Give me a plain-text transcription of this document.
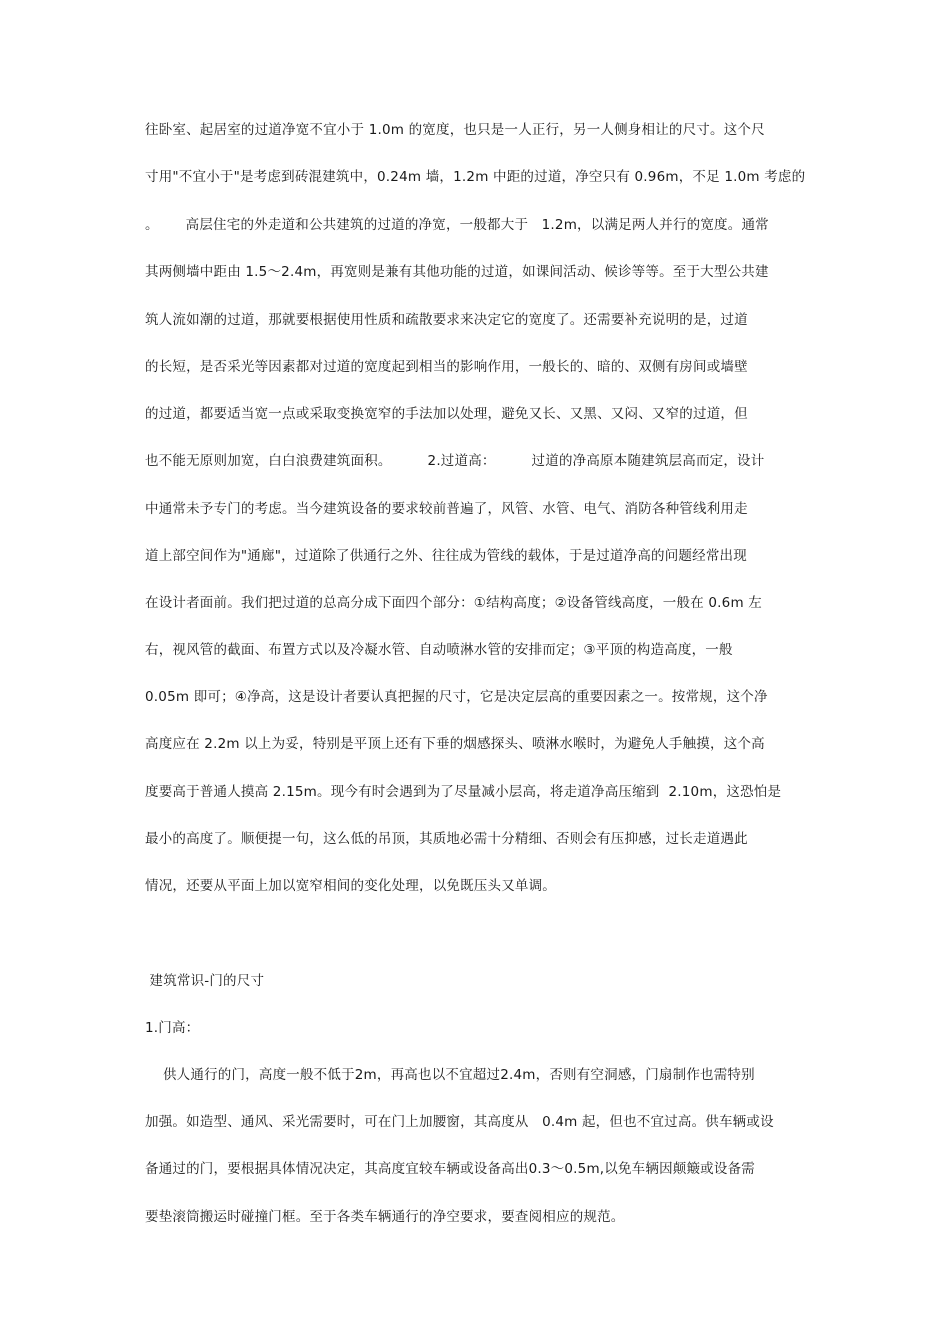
往卧室、起居室的过道净宽不宜小于 1.0m 的宽度，也只是一人正行，另一人侧身相让的尺寸。这个尺
寸用"不宜小于"是考虑到砖混建筑中，0.24m 墙，1.2m 中距的过道，净空只有 0.96m，不足 1.0m 考虑的
。      高层住宅的外走道和公共建筑的过道的净宽，一般都大于   1.2m，以满足两人并行的宽度。通常
其两侧墙中距由 1.5～2.4m，再宽则是兼有其他功能的过道，如课间活动、候诊等等。至于大型公共建
筑人流如潮的过道，那就要根据使用性质和疏散要求来决定它的宽度了。还需要补充说明的是，过道
的长短，是否采光等因素都对过道的宽度起到相当的影响作用，一般长的、暗的、双侧有房间或墙壁
的过道，都要适当宽一点或采取变换宽窄的手法加以处理，避免又长、又黑、又闷、又窄的过道，但
也不能无原则加宽，白白浪费建筑面积。        2.过道高：        过道的净高原本随建筑层高而定，设计
中通常未予专门的考虑。当今建筑设备的要求较前普遍了，风管、水管、电气、消防各种管线利用走
道上部空间作为"通廊"，过道除了供通行之外、往往成为管线的载体，于是过道净高的问题经常出现
在设计者面前。我们把过道的总高分成下面四个部分：①结构高度；②设备管线高度，一般在 0.6m 左
右，视风管的截面、布置方式以及冷凝水管、自动喷淋水管的安排而定；③平顶的构造高度，一般
0.05m 即可；④净高，这是设计者要认真把握的尺寸，它是决定层高的重要因素之一。按常规，这个净
高度应在 2.2m 以上为妥，特别是平顶上还有下垂的烟感探头、喷淋水喉时，为避免人手触摸，这个高
度要高于普通人摸高 2.15m。现今有时会遇到为了尽量减小层高，将走道净高压缩到  2.10m，这恐怕是
最小的高度了。顺便提一句，这么低的吊顶，其质地必需十分精细、否则会有压抑感，过长走道遇此
情况，还要从平面上加以宽窄相间的变化处理，以免既压头又单调。
建筑常识-门的尺寸
1.门高：
供人通行的门，高度一般不低于2m，再高也以不宜超过2.4m，否则有空洞感，门扇制作也需特别
加强。如造型、通风、采光需要时，可在门上加腰窗，其高度从   0.4m 起，但也不宜过高。供车辆或设
备通过的门，要根据具体情况决定，其高度宜较车辆或设备高出0.3～0.5m,以免车辆因颠簸或设备需
要垫滚筒搬运时碰撞门框。至于各类车辆通行的净空要求，要查阅相应的规范。
